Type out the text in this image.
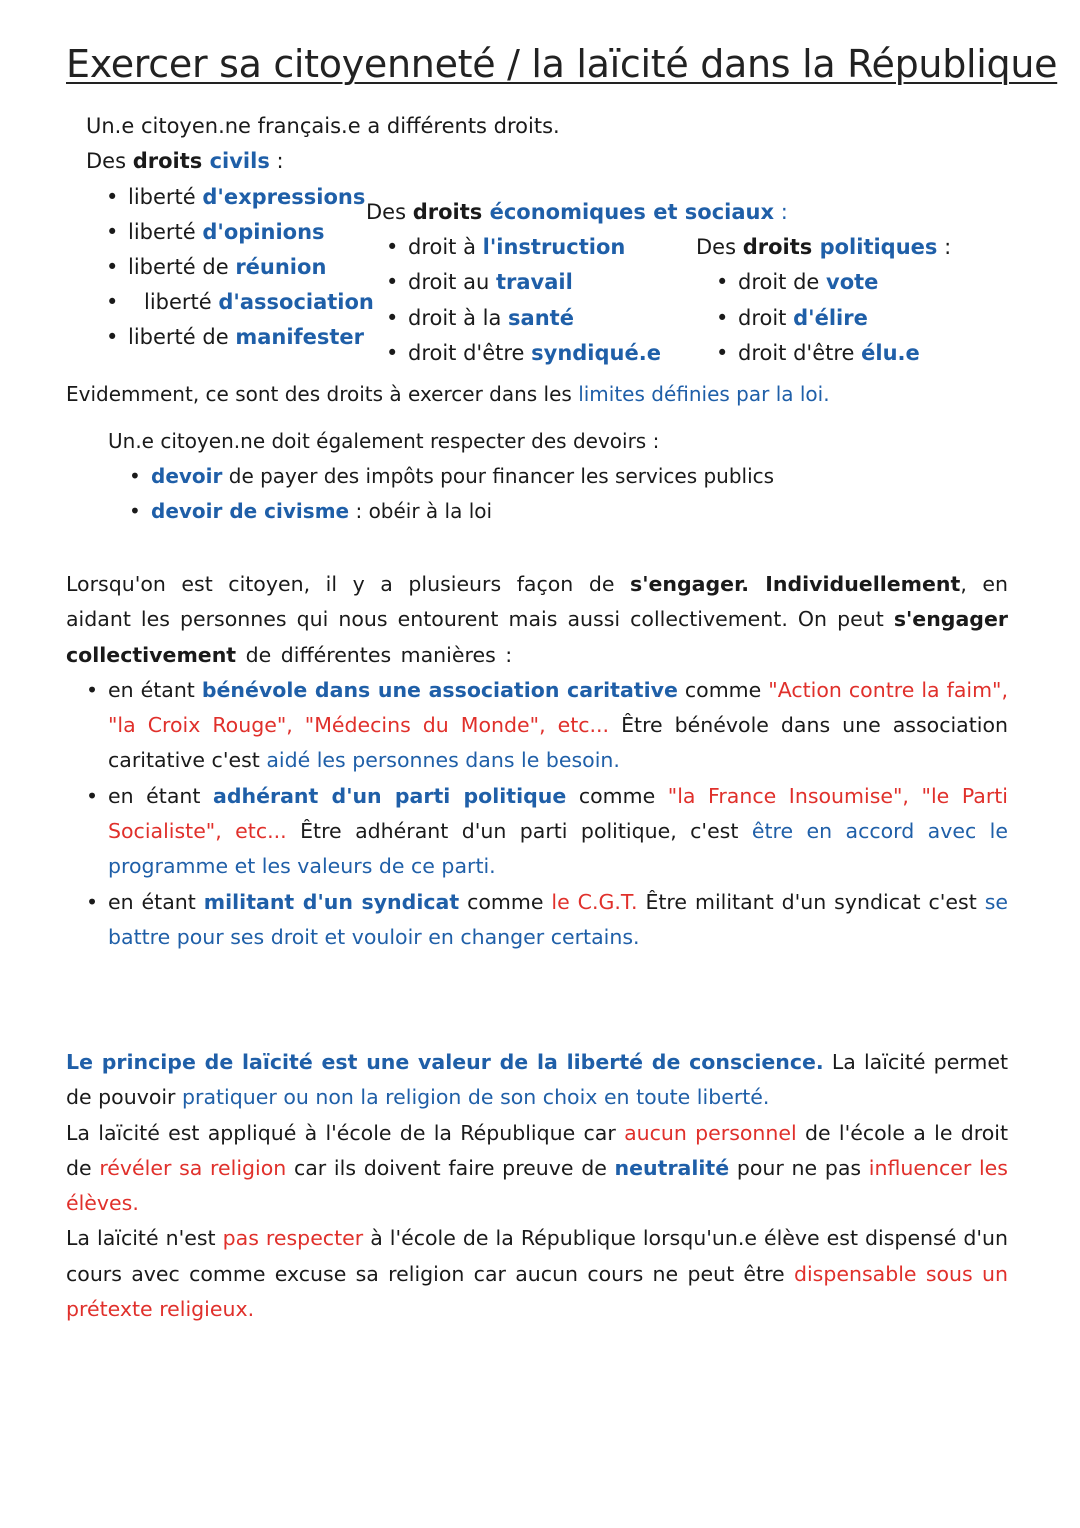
Exercer sa citoyenneté / la laïcité dans la République
Un.e citoyen.ne français.e a différents droits.
Des droits civils :
• liberté d'expressions
• liberté d'opinions
• liberté de réunion
• liberté d'association
• liberté de manifester
Des droits économiques et sociaux :
• droit à l'instruction
• droit au travail
• droit à la santé
• droit d'être syndiqué.e
Des droits politiques :
• droit de vote
• droit d'élire
• droit d'être élu.e
Evidemment, ce sont des droits à exercer dans les limites définies par la loi.
Un.e citoyen.ne doit également respecter des devoirs :
• devoir de payer des impôts pour financer les services publics
• devoir de civisme : obéir à la loi
Lorsqu'on est citoyen, il y a plusieurs façon de s'engager. Individuellement, en aidant les personnes qui nous entourent mais aussi collectivement. On peut s'engager collectivement de différentes manières :
• en étant bénévole dans une association caritative comme "Action contre la faim", "la Croix Rouge", "Médecins du Monde", etc... Être bénévole dans une association caritative c'est aidé les personnes dans le besoin.
• en étant adhérant d'un parti politique comme "la France Insoumise", "le Parti Socialiste", etc... Être adhérant d'un parti politique, c'est être en accord avec le programme et les valeurs de ce parti.
• en étant militant d'un syndicat comme le C.G.T. Être militant d'un syndicat c'est se battre pour ses droit et vouloir en changer certains.
Le principe de laïcité est une valeur de la liberté de conscience. La laïcité permet de pouvoir pratiquer ou non la religion de son choix en toute liberté.
La laïcité est appliqué à l'école de la République car aucun personnel de l'école a le droit de révéler sa religion car ils doivent faire preuve de neutralité pour ne pas influencer les élèves.
La laïcité n'est pas respecter à l'école de la République lorsqu'un.e élève est dispensé d'un cours avec comme excuse sa religion car aucun cours ne peut être dispensable sous un prétexte religieux.
